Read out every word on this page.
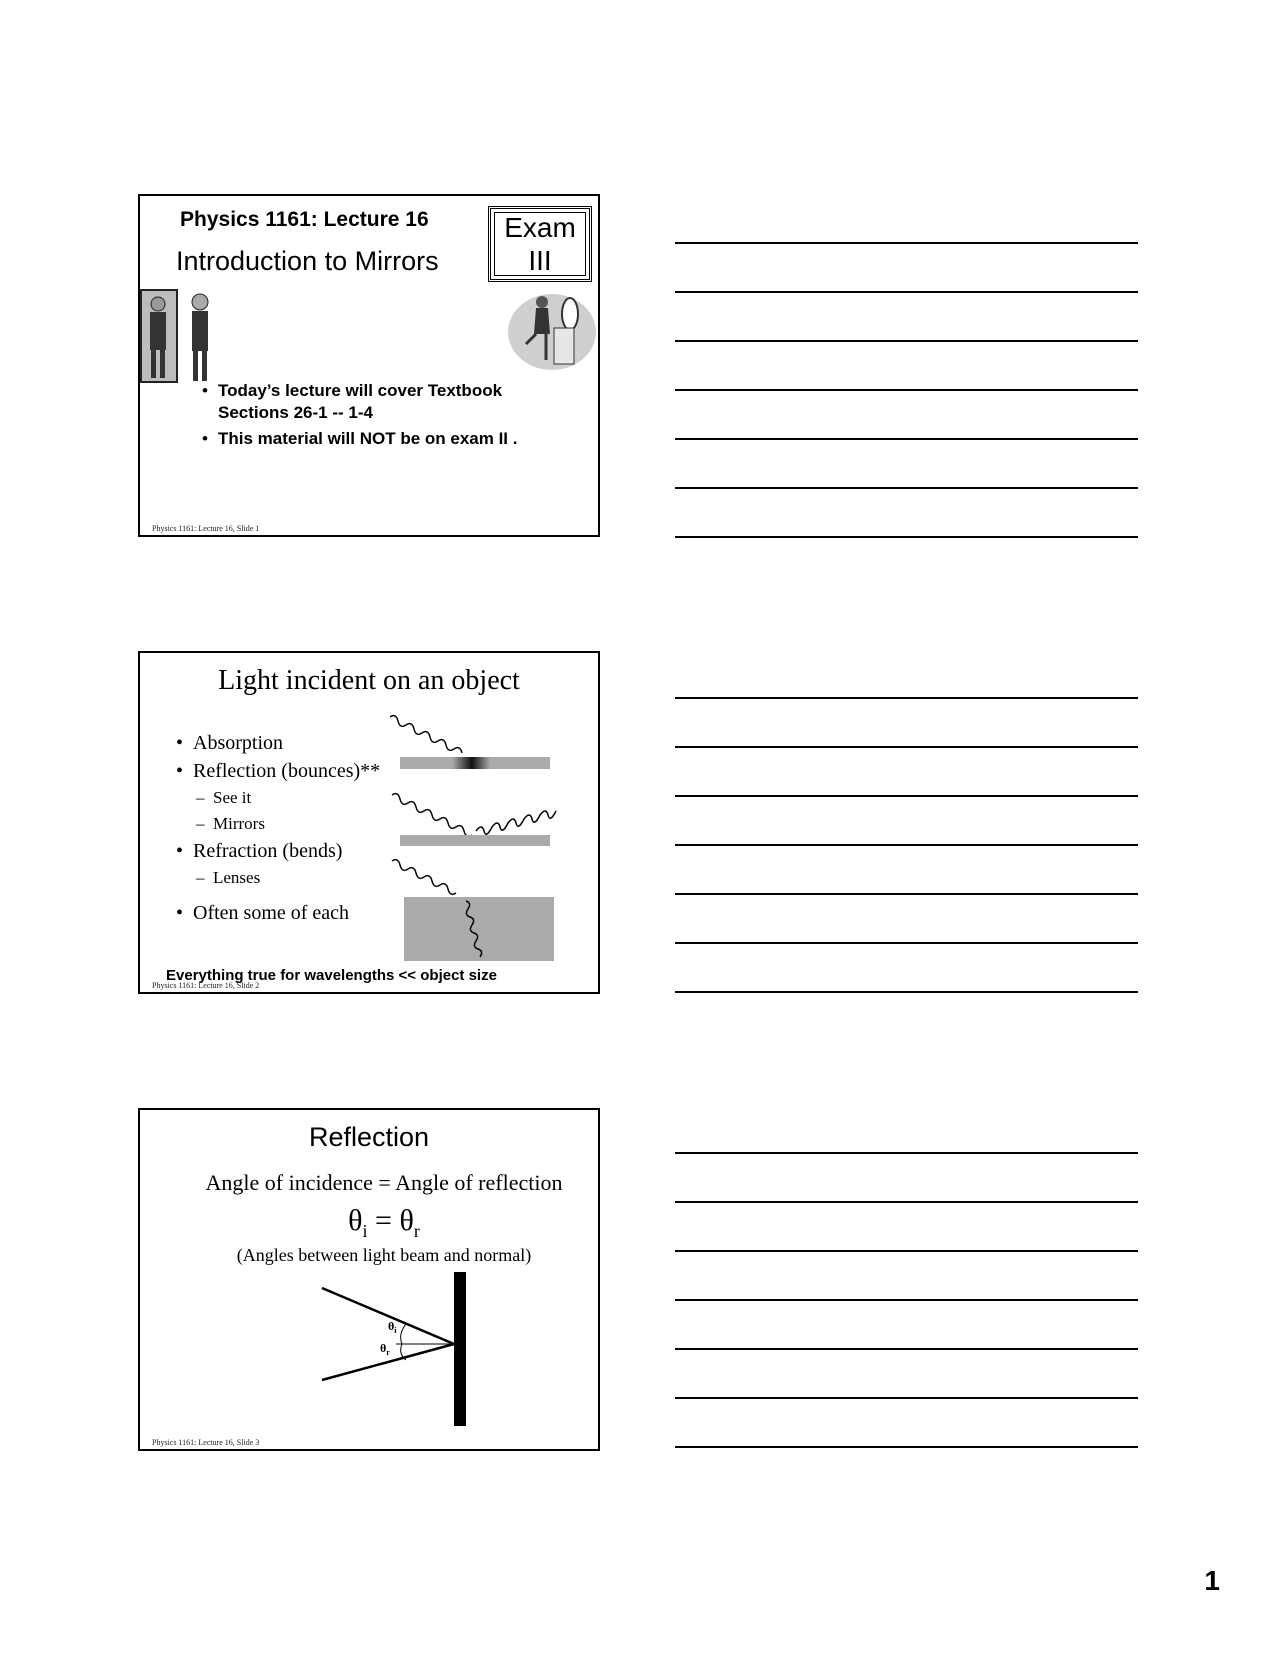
Physics 1161: Lecture 16
Introduction to Mirrors
Exam
III
• Today’s lecture will cover Textbook Sections 26-1 -- 1-4
• This material will NOT be on exam II .
Physics 1161: Lecture 16, Slide 1
Light incident on an object
• Absorption
• Reflection (bounces)**
– See it
– Mirrors
• Refraction (bends)
– Lenses
• Often some of each
Everything true for wavelengths << object size
Physics 1161: Lecture 16, Slide 2
Reflection
Angle of incidence = Angle of reflection
$\theta_i = \theta_r$
(Angles between light beam and normal)
$\theta_i$
$\theta_r$
Physics 1161: Lecture 16, Slide 3
1
